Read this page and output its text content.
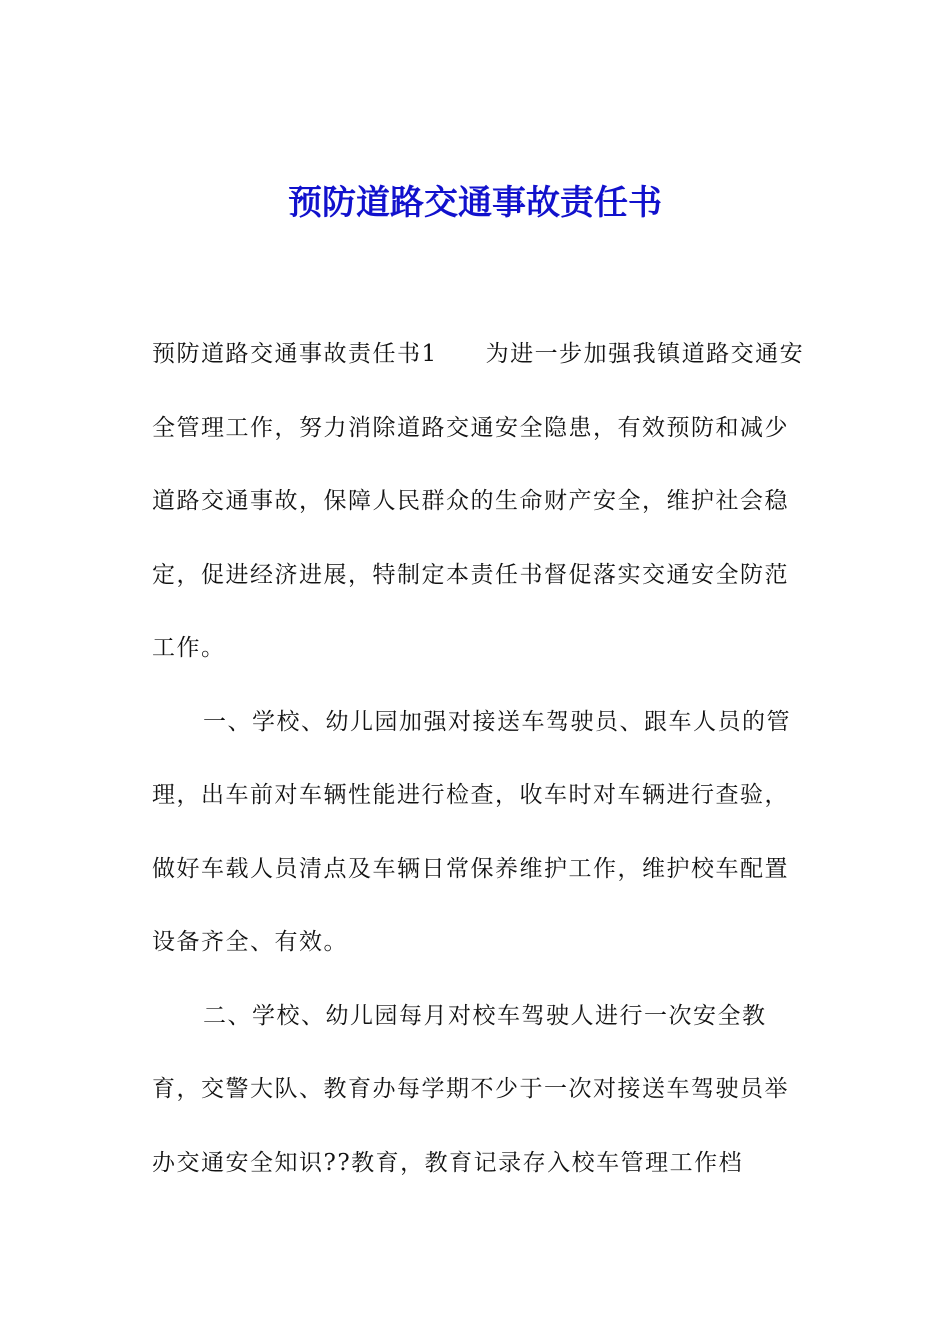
预防道路交通事故责任书

预防道路交通事故责任书1 为进一步加强我镇道路交通安全管理工作，努力消除道路交通安全隐患，有效预防和减少道路交通事故，保障人民群众的生命财产安全，维护社会稳定，促进经济进展，特制定本责任书督促落实交通安全防范工作。

一、学校、幼儿园加强对接送车驾驶员、跟车人员的管理，出车前对车辆性能进行检查，收车时对车辆进行查验，做好车载人员清点及车辆日常保养维护工作，维护校车配置设备齐全、有效。

二、学校、幼儿园每月对校车驾驶人进行一次安全教育，交警大队、教育办每学期不少于一次对接送车驾驶员举办交通安全知识??教育，教育记录存入校车管理工作档
